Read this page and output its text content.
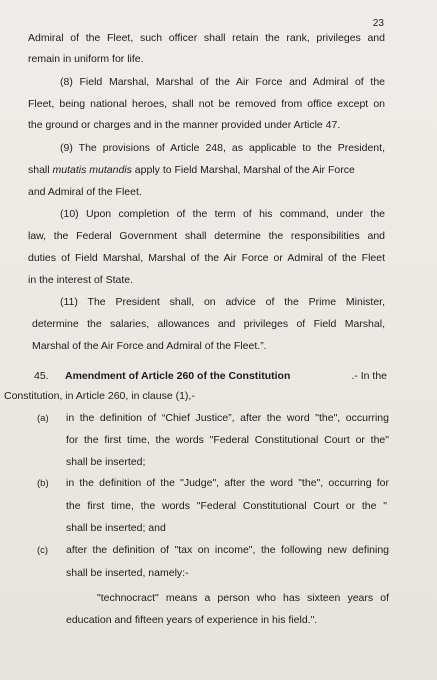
23
Admiral of the Fleet, such officer shall retain the rank, privileges and
remain in uniform for life.
(8) Field Marshal, Marshal of the Air Force and Admiral of the
Fleet, being national heroes, shall not be removed from office except on
the ground or charges and in the manner provided under Article 47.
(9) The provisions of Article 248, as applicable to the President,
shall mutatis mutandis apply to Field Marshal, Marshal of the Air Force
and Admiral of the Fleet.
(10) Upon completion of the term of his command, under the
law, the Federal Government shall determine the responsibilities and
duties of Field Marshal, Marshal of the Air Force or Admiral of the Fleet
in the interest of State.
(11) The President shall, on advice of the Prime Minister,
determine the salaries, allowances and privileges of Field Marshal,
Marshal of the Air Force and Admiral of the Fleet.”.
45. Amendment of Article 260 of the Constitution	.- In the
Constitution, in Article 260, in clause (1),-
(a) in the definition of “Chief Justice”, after the word "the", occurring
for the first time, the words "Federal Constitutional Court or the"
shall be inserted;
(b) in the definition of the "Judge", after the word "the", occurring for
the first time, the words "Federal Constitutional Court or the "
shall be inserted; and
(c) after the definition of "tax on income", the following new defining
shall be inserted, namely:-
"technocract" means a person who has sixteen years of
education and fifteen years of experience in his field.".
